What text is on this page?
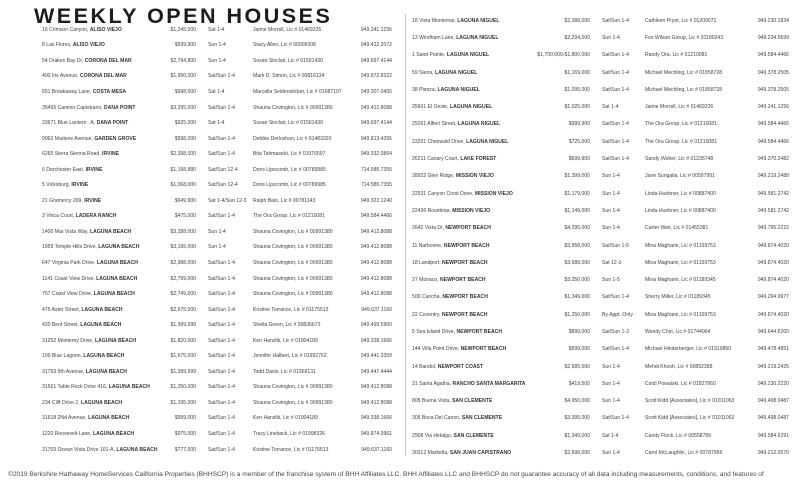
WEEKLY OPEN HOUSES
16 Crimson Canyon, ALISO VIEJO	$1,245,000	Sat 1-4	Jaime Morrell, Lic # 01469226	949.241.1256
8 Las Flores, ALISO VIEJO	$599,900	Sun 1-4	Stacy Allen, Lic # 00909308	949.422.2072
54 Drakes Bay Dr, CORONA DEL MAR	$2,794,800	Sun 1-4	Susan Sinclair, Lic # 01501430	949.697.4144
400 Iris Avenue, CORONA DEL MAR	$1,950,000	Sat/Sun 1-4	Mark D. Simon, Lic # 00816134	949.872.8322
651 Breakaway Lane, COSTA MESA	$998,000	Sat 1-4	Marcella Seidensticker, Lic # 01987107	949.307.0455
35455 Camino Capistrano, DANA POINT	$3,295,000	Sat/Sun 1-4	Shauna Covington, Lic # 00991380	949.412.8088
33671 Blue Lantern . A, DANA POINT	$925,000	Sat 1-4	Susan Sinclair, Lic # 01501430	949.697.4144
9062 Marlene Avenue, GARDEN GROVE	$598,000	Sat/Sun 1-4	Debbie Derloshon, Lic # 01483320	949.813.4355
6265 Sierra Sienna Road, IRVINE	$2,398,000	Sat/Sun 1-4	Bita Tahmasebi, Lic # 01976507	949.332.0864
6 Dorchester East, IRVINE	$1,198,880	Sat/Sun 12-4	Doris Lipscomb, Lic # 00789985	714.585.7355
5 Vicksburg, IRVINE	$1,068,000	Sat/Sun 12-4	Doris Lipscomb, Lic # 00789985	714.585.7355
21 Gramercy 209, IRVINE	$649,900	Sat 1-4/Sun 12-3	Ralph Balo, Lic # 00781143	949.322.1240
3 Vinca Court, LADERA RANCH	$475,000	Sat/Sun 1-4	The Ora Group, Lic # 01210081	949.584.4466
1400 Mar Vista Way, LAGUNA BEACH	$3,288,000	Sun 1-4	Shauna Covington, Lic # 00991380	949.412.8088
1959 Temple Hills Drive, LAGUNA BEACH	$3,195,000	Sun 1-4	Shauna Covington, Lic # 00991380	949.412.8088
647 Virginia Park Drive, LAGUNA BEACH	$2,988,000	Sat/Sun 1-4	Shauna Covington, Lic # 00991380	949.412.8088
1141 Coast View Drive, LAGUNA BEACH	$2,799,000	Sat/Sun 1-4	Shauna Covington, Lic # 00991380	949.412.8088
757 Coast View Drive, LAGUNA BEACH	$2,749,000	Sat/Sun 1-4	Shauna Covington, Lic # 00991380	949.412.8088
475 Aster Street, LAGUNA BEACH	$2,675,000	Sat/Sun 1-4	Kristine Torrance, Lic # 01175513	949.637.1160
420 Bent Street, LAGUNA BEACH	$1,999,999	Sat/Sun 1-4	Sheila Green, Lic # 00836673	949.499.5900
31252 Monterey Drive, LAGUNA BEACH	$1,820,000	Sat/Sun 1-4	Ken Hanzlik, Lic # 01904189	949.338.1666
109 Blue Lagoon, LAGUNA BEACH	$1,675,000	Sat/Sun 1-4	Jennifer Halbert, Lic # 01992762	949.441.3359
31793 5th Avenue, LAGUNA BEACH	$1,399,999	Sat/Sun 1-4	Todd Davis, Lic # 01969131	949.447.4444
31561 Table Rock Drive 416, LAGUNA BEACH	$1,250,000	Sat/Sun 1-4	Shauna Covington, Lic # 00991380	949.412.8088
234 Cliff Drive 2, LAGUNA BEACH	$1,195,000	Sat/Sun 1-4	Shauna Covington, Lic # 00991380	949.412.8088
31618 2Nd Avenue, LAGUNA BEACH	$999,000	Sat/Sun 1-4	Ken Hanzlik, Lic # 01904189	949.338.1666
1220 Roosevelt Lane, LAGUNA BEACH	$975,000	Sat/Sun 1-4	Tracy Lineback, Lic # 01998326	949.874.3961
21703 Ocean Vista Drive 101-A, LAGUNA BEACH	$777,000	Sat/Sun 1-4	Kristine Torrance, Lic # 01175513	949.637.1160
18 Vista Montemar, LAGUNA NIGUEL	$2,388,000	Sat/Sun 1-4	Cathleen Pryor, Lic # 01209071	949.230.1834
13 Windham Lane, LAGUNA NIGUEL	$2,294,000	Sun 1-4	Fox Wilson Group, Lic # 01180243	949.234.5699
1 Sand Pointe, LAGUNA NIGUEL	$1,700,000-$1,800,000	Sat/Sun 1-4	Randy Ora, Lic # 01210081	949.584.4466
59 Siena, LAGUNA NIGUEL	$1,169,000	Sat/Sun 1-4	Michael Mechling, Lic # 01858728	949.378.2505
38 Pienza, LAGUNA NIGUEL	$1,095,000	Sat/Sun 1-4	Michael Mechling, Lic # 01858728	949.378.2505
25601 El Oeste, LAGUNA NIGUEL	$1,025,000	Sat 1-4	Jaime Morrell, Lic # 01469226	949.241.1256
29261 Alfieri Street, LAGUNA NIGUEL	$999,900	Sat/Sun 1-4	The Ora Group, Lic # 01210081	949.584.4466
23261 Cheswald Drive, LAGUNA NIGUEL	$725,000	Sat/Sun 1-4	The Ora Group, Lic # 01210081	949.584.4466
26211 Canary Court, LAKE FOREST	$699,900	Sat/Sun 1-4	Sandy Weber, Lic # 01235748	949.370.2482
28932 Glen Ridge, MISSION VIEJO	$1,399,000	Sun 1-4	Jane Sungaila, Lic # 00597991	949.219.2488
22531 Canyon Crest Drive, MISSION VIEJO	$1,179,000	Sun 1-4	Linda Huebner, Lic # 00887400	949.581.2742
22436 Rosebriar, MISSION VIEJO	$1,149,000	Sun 1-4	Linda Huebner, Lic # 00887400	949.581.2742
2642 Vista Dr, NEWPORT BEACH	$4,295,000	Sun 1-4	Carter Weir, Lic # 01455381	949.795.2222
11 Narbonne, NEWPORT BEACH	$3,958,000	Sat/Sun 1-5	Mina Maghami, Lic # 01159753	949.874.4020
18 Landport, NEWPORT BEACH	$3,688,000	Sat 12-3	Mina Maghami, Lic # 01159753	949.874.4020
27 Monaco, NEWPORT BEACH	$3,250,000	Sun 1-5	Mina Maghami, Lic # 01189345	949.874.4020
500 Cancha, NEWPORT BEACH	$1,349,000	Sat/Sun 1-4	Sherry Miller, Lic # 01189345	949.294.9977
22 Coventry, NEWPORT BEACH	$1,250,000	By Appt. Only	Mina Maghami, Lic # 01159753	949.874.4020
5 Sea Island Drive, NEWPORT BEACH	$899,000	Sat/Sun 1-3	Wendy Chiri, Lic # 01744064	949.644.6200
144 Villa Point Drive, NEWPORT BEACH	$599,000	Sat/Sun 1-4	Michael Hinderberger, Lic # 01919850	949.478.4851
14 Bandol, NEWPORT COAST	$2,685,000	Sun 1-4	Mehdi Khosh, Lic # 00892388	949.219.2425
31 Santa Agatha, RANCHO SANTA MARGARITA	$419,500	Sun 1-4	Cindi Powalski, Lic # 01827860	949.230.2220
805 Buena Vista, SAN CLEMENTE	$4,950,000	Sun 1-4	Scott Kidd [Associates], Lic # 01011063	949.498.0487
305 Boca Del Canon, SAN CLEMENTE	$3,395,000	Sat/Sun 1-4	Scott Kidd [Associates], Lic # 01011063	949.498.0487
2908 Via Hidalgo, SAN CLEMENTE	$1,349,000	Sat 1-4	Candy Flock, Lic # 00558789	949.584.6291
30312 Marbella, SAN JUAN CAPISTRANO	$2,698,000	Sun 1-4	Carol McLaughlin, Lic # 00787956	949.212.0570
©2019 Berkshire Hathaway HomeServices California Properties (BHHSCP) is a member of the franchise system of BHH Affiliates LLC. BHH Affiliates LLC and BHHSCP do not guarantee accuracy of all data including measurements, conditions, and features of
